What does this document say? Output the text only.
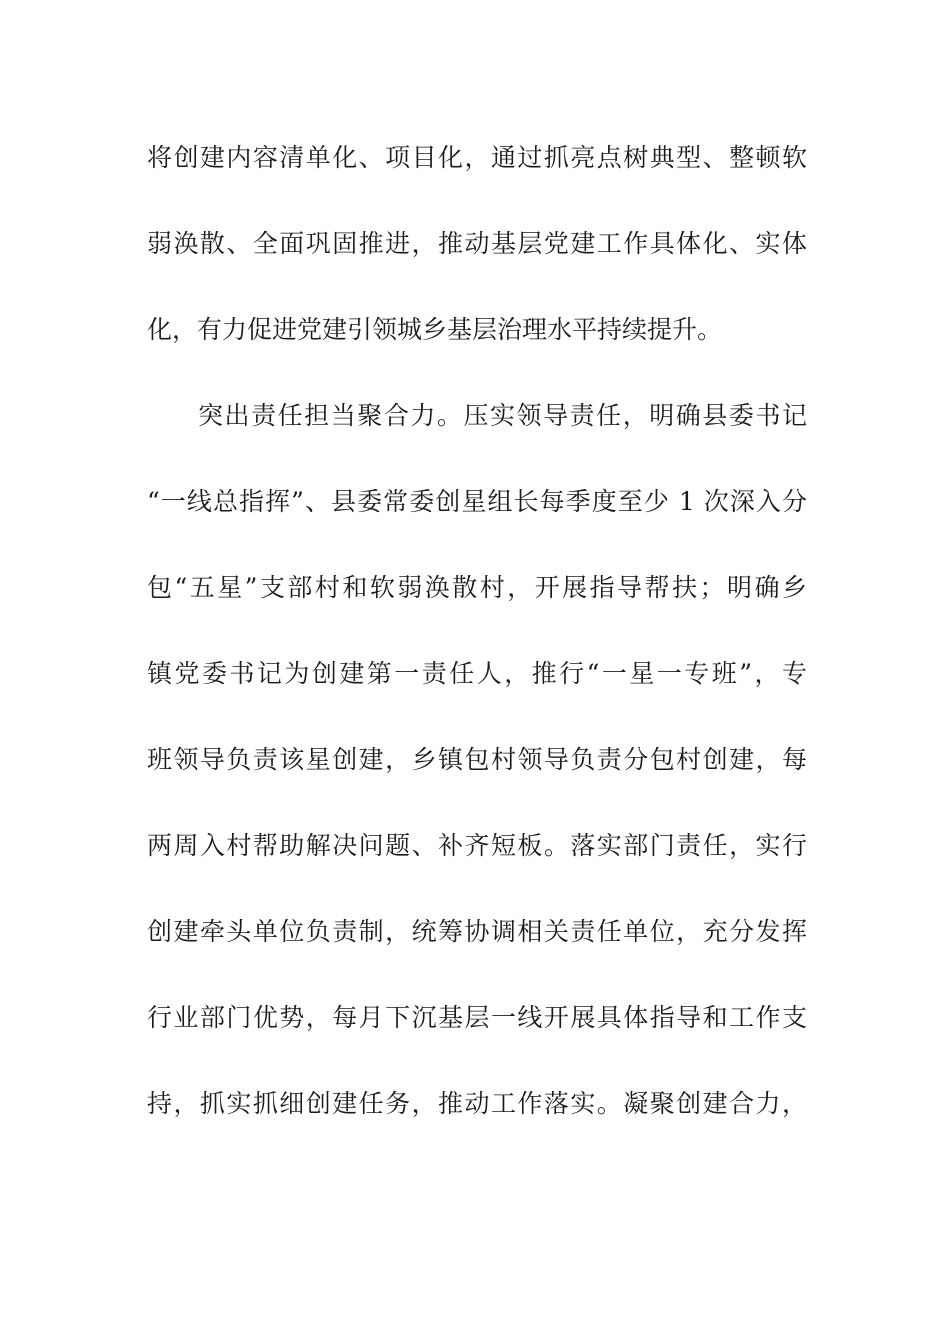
将创建内容清单化、项目化，通过抓亮点树典型、整顿软
弱涣散、全面巩固推进，推动基层党建工作具体化、实体
化，有力促进党建引领城乡基层治理水平持续提升。
突出责任担当聚合力。压实领导责任，明确县委书记
“一线总指挥”、县委常委创星组长每季度至少 1 次深入分
包“五星”支部村和软弱涣散村，开展指导帮扶；明确乡
镇党委书记为创建第一责任人，推行“一星一专班”，专
班领导负责该星创建，乡镇包村领导负责分包村创建，每
两周入村帮助解决问题、补齐短板。落实部门责任，实行
创建牵头单位负责制，统筹协调相关责任单位，充分发挥
行业部门优势，每月下沉基层一线开展具体指导和工作支
持，抓实抓细创建任务，推动工作落实。凝聚创建合力，
